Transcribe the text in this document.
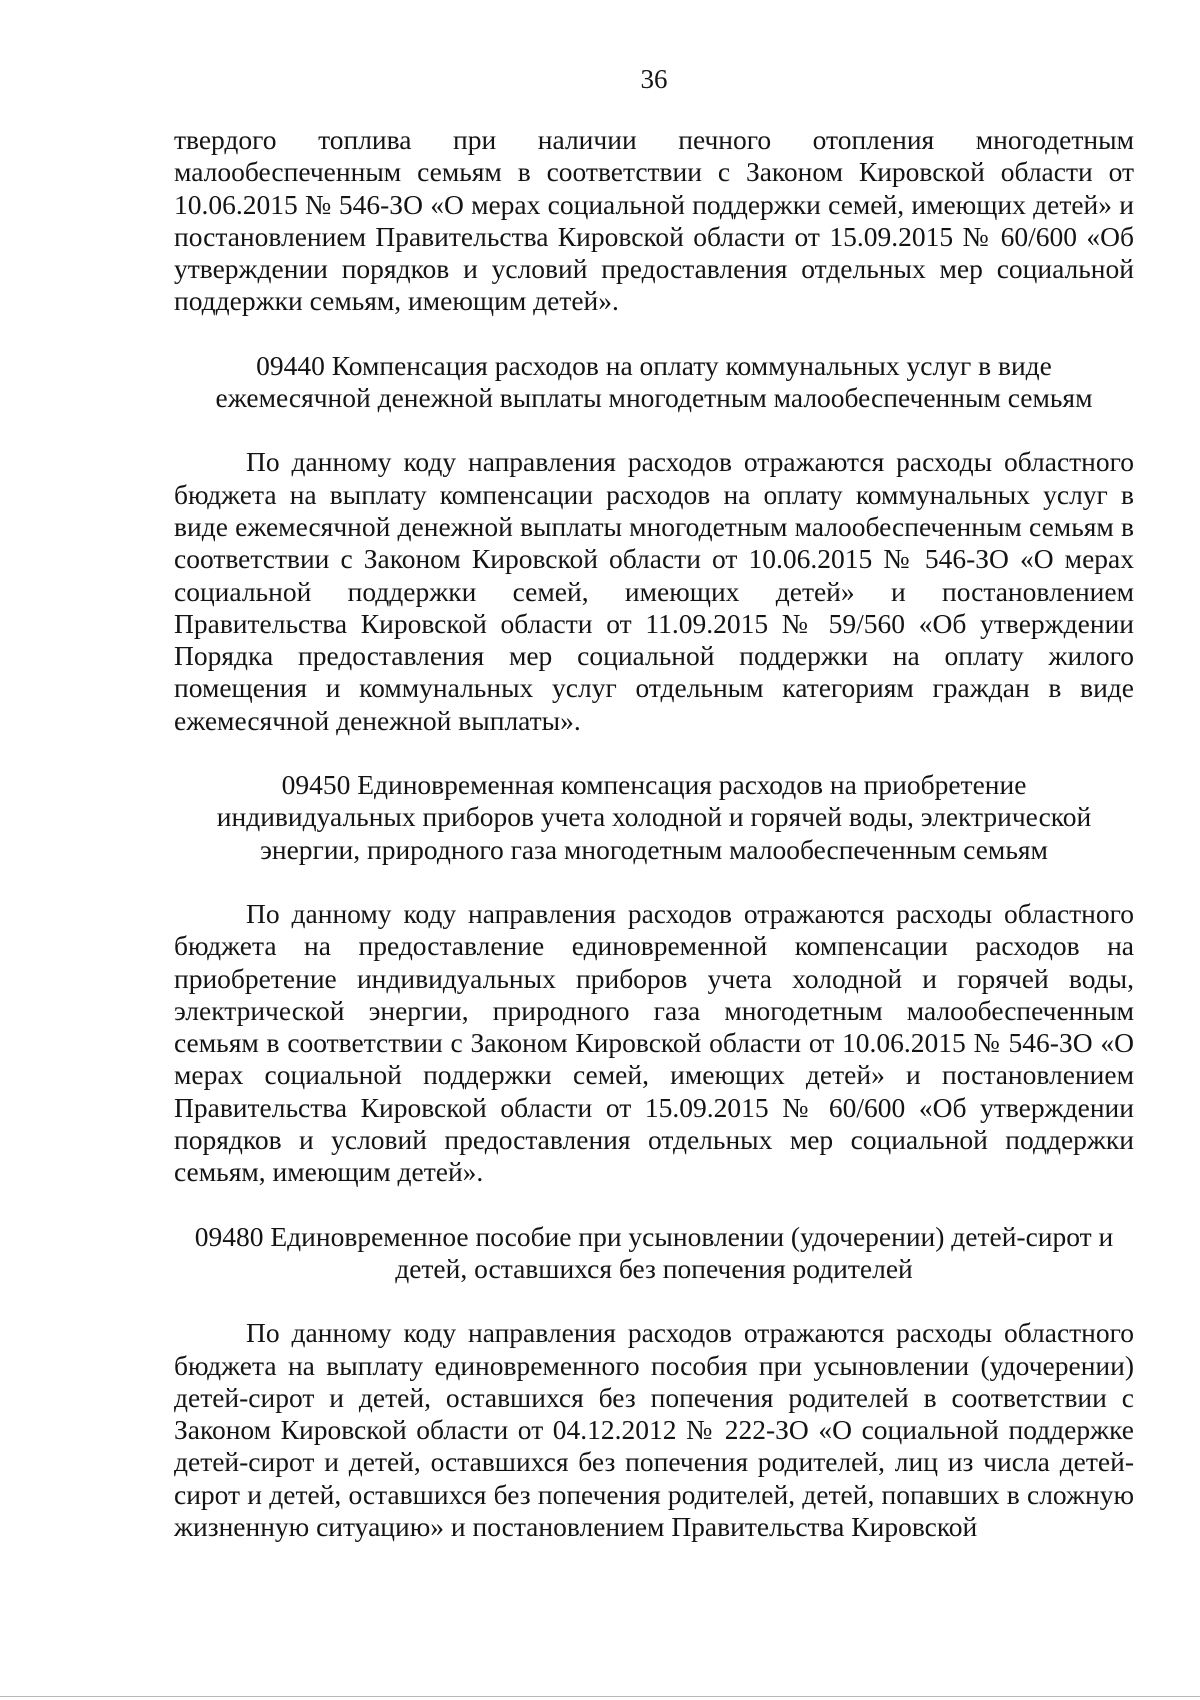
36

твердого топлива при наличии печного отопления многодетным малообеспеченным семьям в соответствии с Законом Кировской области от 10.06.2015 № 546-ЗО «О мерах социальной поддержки семей, имеющих детей» и постановлением Правительства Кировской области от 15.09.2015 № 60/600 «Об утверждении порядков и условий предоставления отдельных мер социальной поддержки семьям, имеющим детей».

09440 Компенсация расходов на оплату коммунальных услуг в виде ежемесячной денежной выплаты многодетным малообеспеченным семьям

По данному коду направления расходов отражаются расходы областного бюджета на выплату компенсации расходов на оплату коммунальных услуг в виде ежемесячной денежной выплаты многодетным малообеспеченным семьям в соответствии с Законом Кировской области от 10.06.2015 № 546-ЗО «О мерах социальной поддержки семей, имеющих детей» и постановлением Правительства Кировской области от 11.09.2015 № 59/560 «Об утверждении Порядка предоставления мер социальной поддержки на оплату жилого помещения и коммунальных услуг отдельным категориям граждан в виде ежемесячной денежной выплаты».

09450 Единовременная компенсация расходов на приобретение индивидуальных приборов учета холодной и горячей воды, электрической энергии, природного газа многодетным малообеспеченным семьям

По данному коду направления расходов отражаются расходы областного бюджета на предоставление единовременной компенсации расходов на приобретение индивидуальных приборов учета холодной и горячей воды, электрической энергии, природного газа многодетным малообеспеченным семьям в соответствии с Законом Кировской области от 10.06.2015 № 546-ЗО «О мерах социальной поддержки семей, имеющих детей» и постановлением Правительства Кировской области от 15.09.2015 № 60/600 «Об утверждении порядков и условий предоставления отдельных мер социальной поддержки семьям, имеющим детей».

09480 Единовременное пособие при усыновлении (удочерении) детей-сирот и детей, оставшихся без попечения родителей

По данному коду направления расходов отражаются расходы областного бюджета на выплату единовременного пособия при усыновлении (удочерении) детей-сирот и детей, оставшихся без попечения родителей в соответствии с Законом Кировской области от 04.12.2012 № 222-ЗО «О социальной поддержке детей-сирот и детей, оставшихся без попечения родителей, лиц из числа детей-сирот и детей, оставшихся без попечения родителей, детей, попавших в сложную жизненную ситуацию» и постановлением Правительства Кировской
